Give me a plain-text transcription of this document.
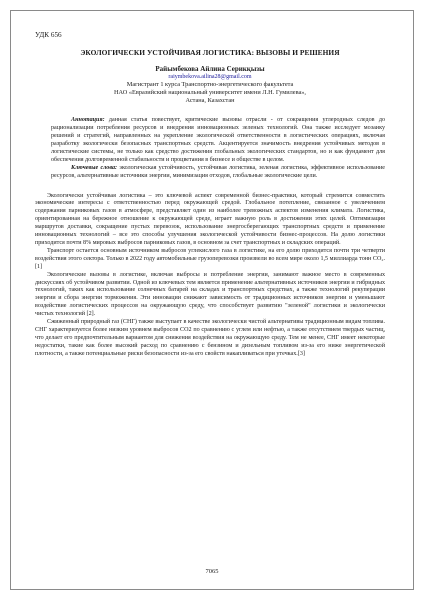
УДК 656
ЭКОЛОГИЧЕСКИ УСТОЙЧИВАЯ ЛОГИСТИКА: ВЫЗОВЫ И РЕШЕНИЯ
Райымбекова Айлина Серикқызы
raiymbekova.ailina28@gmail.com
Магистрант 1 курса Транспортно-энергетического факультета
НАО «Евразийский национальный университет имени Л.Н. Гумилева»,
Астана, Казахстан
Аннотация: данная статья повествует, критические вызовы отрасли - от сокращения углеродных следов до рационализации потребления ресурсов и внедрения инновационных зеленых технологий. Она также исследует мозаику решений и стратегий, направленных на укрепление экологической ответственности в логистических операциях, включая разработку экологически безопасных транспортных средств. Акцентируется значимость внедрения устойчивых методов в логистические системы, не только как средство достижения глобальных экологических стандартов, но и как фундамент для обеспечения долговременной стабильности и процветания в бизнесе и обществе в целом.
Ключевые слова: экологическая устойчивость, устойчивая логистика, зеленая логистика, эффективное использование ресурсов, альтернативные источники энергии, минимизация отходов, глобальные экологические цели.

Экологически устойчивая логистика – это ключевой аспект современной бизнес-практики, который стремится совместить экономические интересы с ответственностью перед окружающей средой. Глобальное потепление, связанное с увеличением содержания парниковых газов в атмосфере, представляет один из наиболее тревожных аспектов изменения климата. Логистика, ориентированная на бережное отношение к окружающей среде, играет важную роль в достижении этих целей. Оптимизация маршрутов доставки, сокращение пустых перевозок, использование энергосберегающих транспортных средств и применение инновационных технологий – все это способы улучшения экологической устойчивости бизнес-процессов. На долю логистики приходится почти 8% мировых выбросов парниковых газов, в основном за счет транспортных и складских операций.

Транспорт остается основным источником выбросов углекислого газа в логистике, на его долю приходится почти три четверти воздействия этого сектора. Только в 2022 году автомобильные грузоперевозки произвели во всем мире около 1,5 миллиарда тонн CO₂.[1]

Экологические вызовы в логистике, включая выбросы и потребление энергии, занимают важное место в современных дискуссиях об устойчивом развитии. Одной из ключевых тем является применение альтернативных источников энергии и гибридных технологий, таких как использование солнечных батарей на складах и транспортных средствах, а также технологий рекуперации энергии и сбора энергии торможения. Эти инновации снижают зависимость от традиционных источников энергии и уменьшают воздействие логистических процессов на окружающую среду, что способствует развитию "зеленой" логистики и экологически чистых технологий [2].

Сжиженный природный газ (СНГ) также выступает в качестве экологически чистой альтернативы традиционным видам топлива. СНГ характеризуется более низким уровнем выбросов CO2 по сравнению с углем или нефтью, а также отсутствием твердых частиц, что делает его предпочтительным вариантом для снижения воздействия на окружающую среду. Тем не менее, СНГ имеет некоторые недостатки, такие как более высокий расход по сравнению с бензином и дизельным топливом из-за его ниже энергетической плотности, а также потенциальные риски безопасности из-за его свойств накапливаться при утечках.[3]

7065
